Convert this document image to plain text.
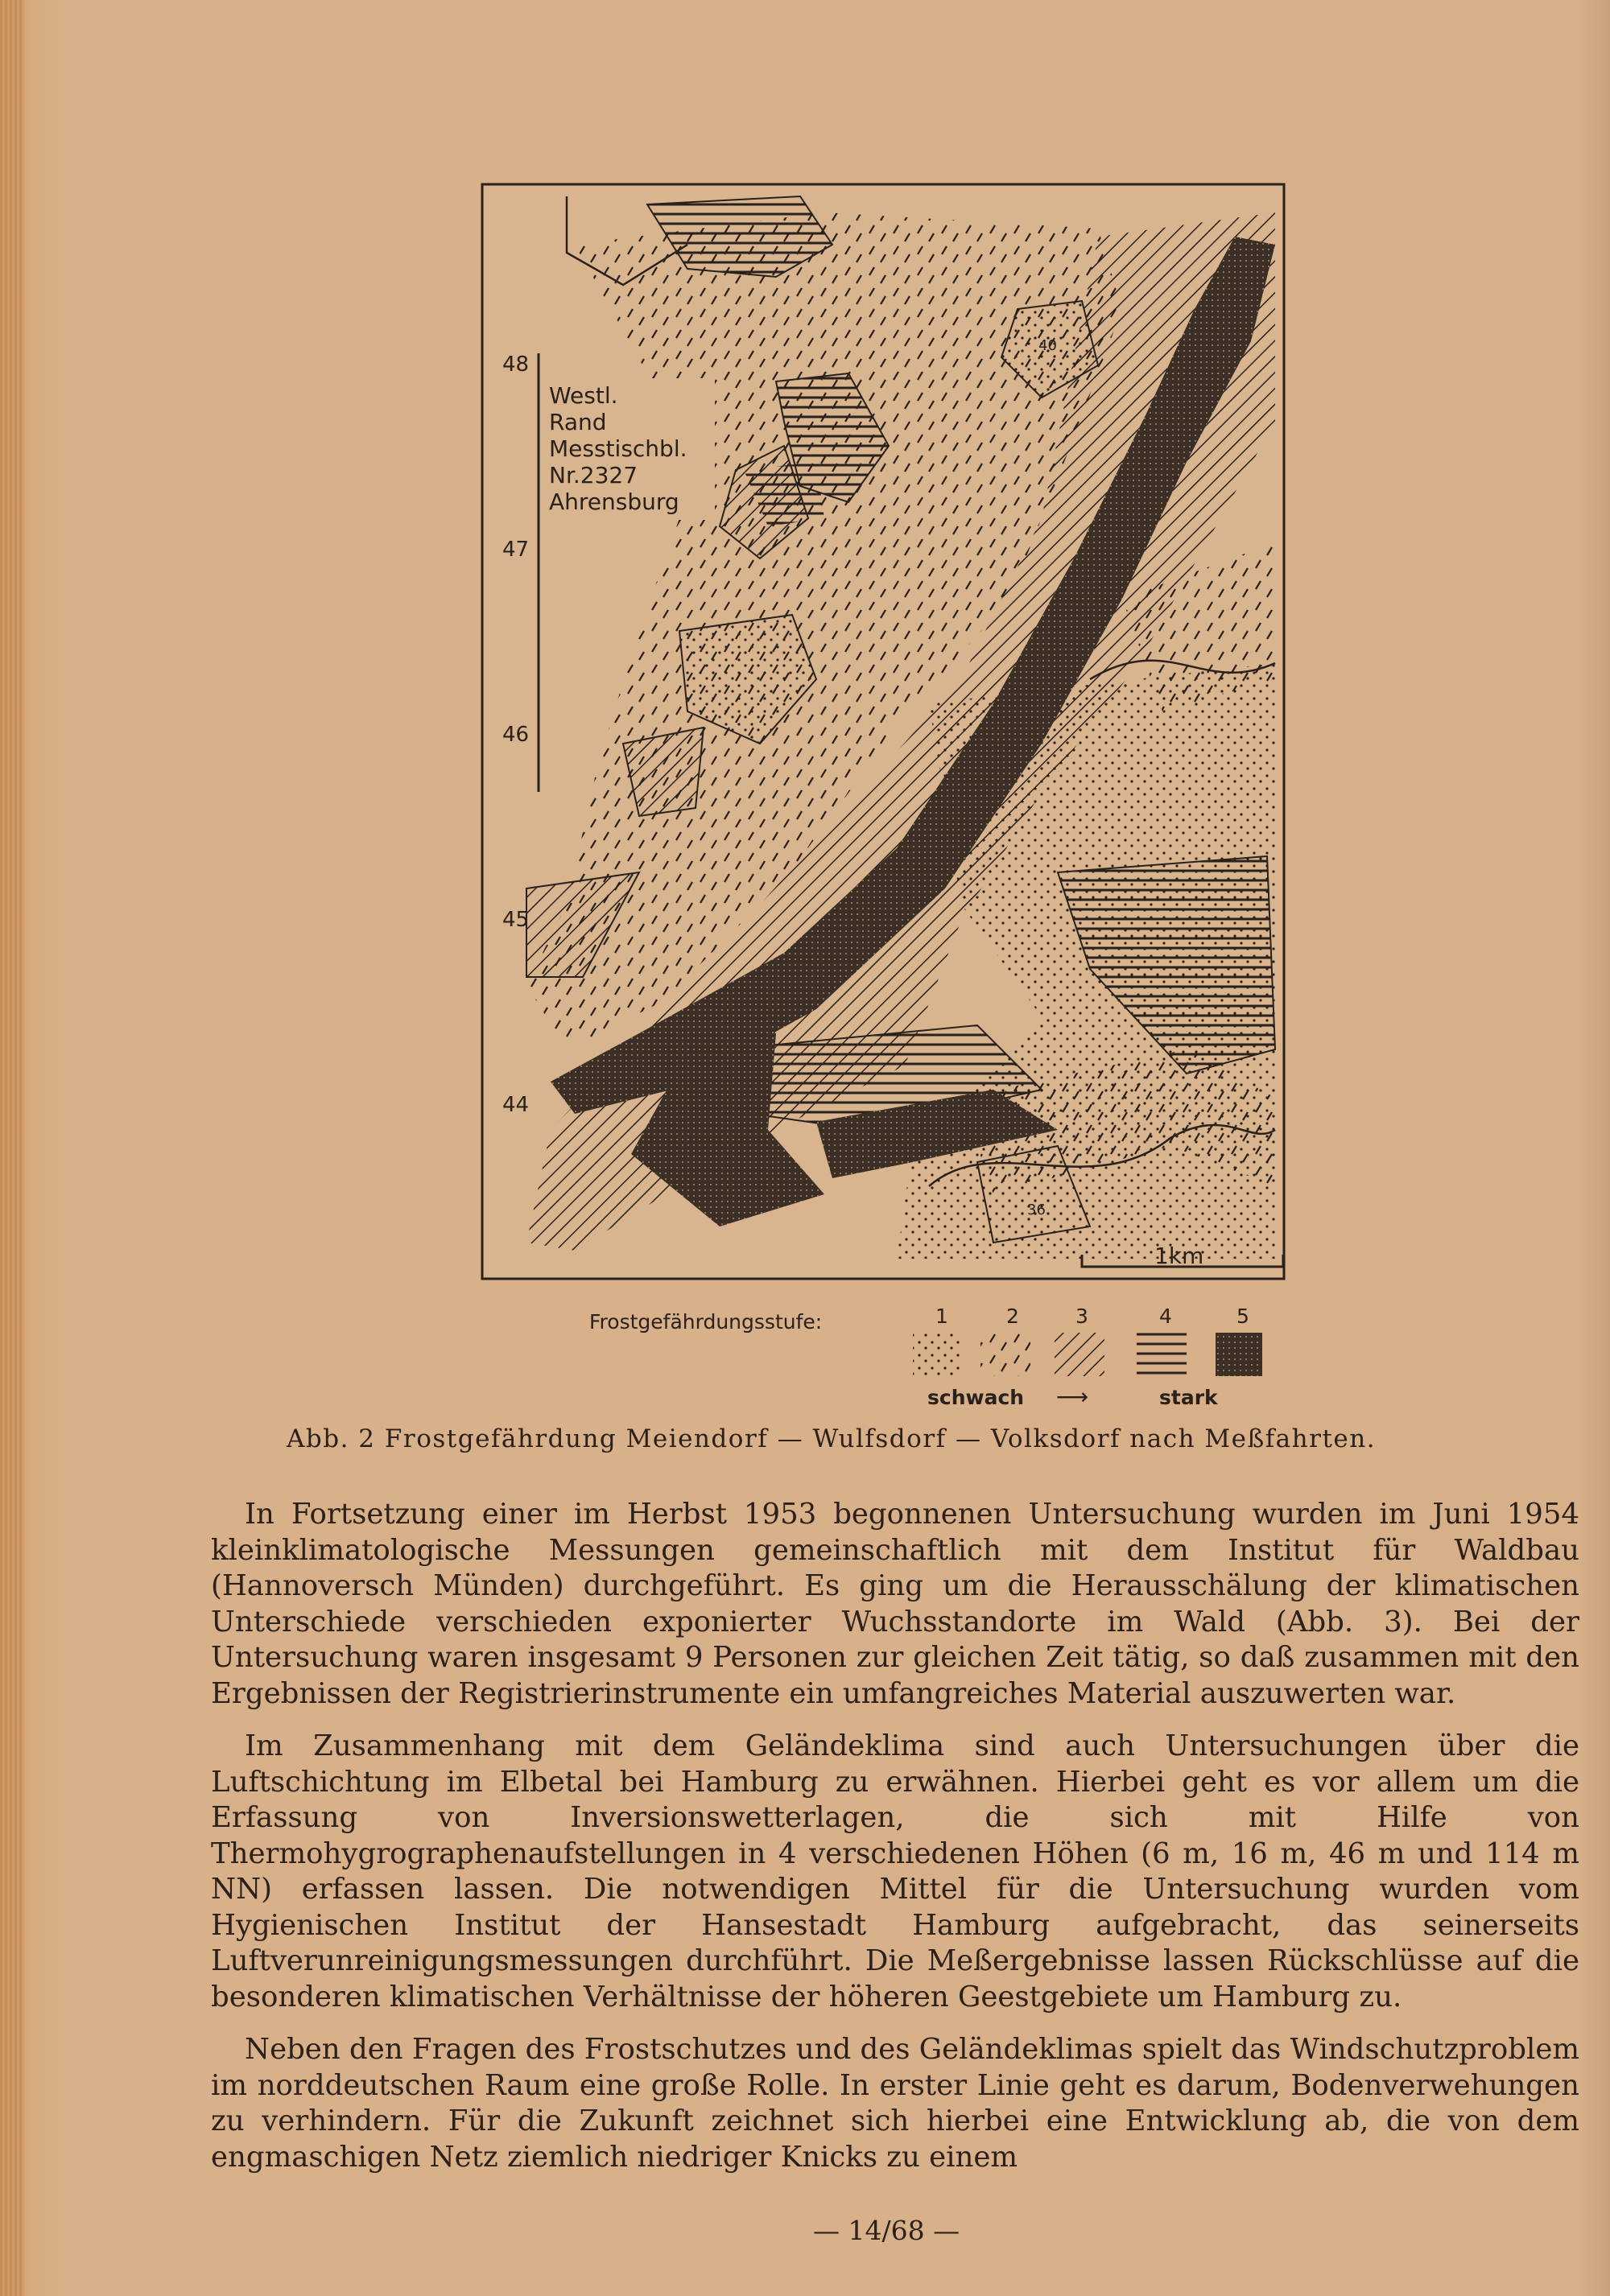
48
47
46
45
44
Westl.
Rand
Messtischbl.
Nr.2327
Ahrensburg
40
36
1km
Frostgefährdungsstufe:	1	2	3	4	5
schwach ⟶	stark
Abb. 2 Frostgefährdung Meiendorf — Wulfsdorf — Volksdorf nach Meßfahrten.

In Fortsetzung einer im Herbst 1953 begonnenen Untersuchung wurden im Juni 1954 kleinklimatologische Messungen gemeinschaftlich mit dem Institut für Waldbau (Hannoversch Münden) durchgeführt. Es ging um die Herausschälung der klimatischen Unterschiede verschieden exponierter Wuchsstandorte im Wald (Abb. 3). Bei der Untersuchung waren insgesamt 9 Personen zur gleichen Zeit tätig, so daß zusammen mit den Ergebnissen der Registrierinstrumente ein umfangreiches Material auszuwerten war.

Im Zusammenhang mit dem Geländeklima sind auch Untersuchungen über die Luftschichtung im Elbetal bei Hamburg zu erwähnen. Hierbei geht es vor allem um die Erfassung von Inversionswetterlagen, die sich mit Hilfe von Thermohygrographenaufstellungen in 4 verschiedenen Höhen (6 m, 16 m, 46 m und 114 m NN) erfassen lassen. Die notwendigen Mittel für die Untersuchung wurden vom Hygienischen Institut der Hansestadt Hamburg aufgebracht, das seinerseits Luftverunreinigungsmessungen durchführt. Die Meßergebnisse lassen Rückschlüsse auf die besonderen klimatischen Verhältnisse der höheren Geestgebiete um Hamburg zu.

Neben den Fragen des Frostschutzes und des Geländeklimas spielt das Windschutzproblem im norddeutschen Raum eine große Rolle. In erster Linie geht es darum, Bodenverwehungen zu verhindern. Für die Zukunft zeichnet sich hierbei eine Entwicklung ab, die von dem engmaschigen Netz ziemlich niedriger Knicks zu einem

— 14/68 —
